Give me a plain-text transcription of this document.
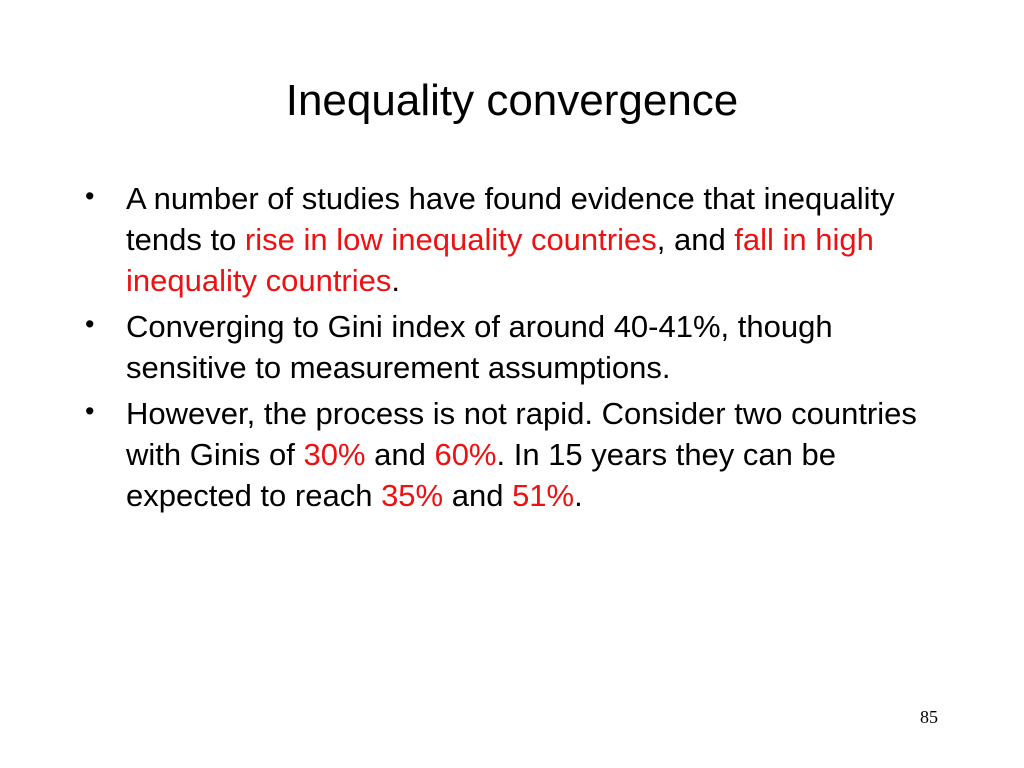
Inequality convergence
• A number of studies have found evidence that inequality tends to rise in low inequality countries, and fall in high inequality countries.
• Converging to Gini index of around 40-41%, though sensitive to measurement assumptions.
• However, the process is not rapid. Consider two countries with Ginis of 30% and 60%. In 15 years they can be expected to reach 35% and 51%.
85
